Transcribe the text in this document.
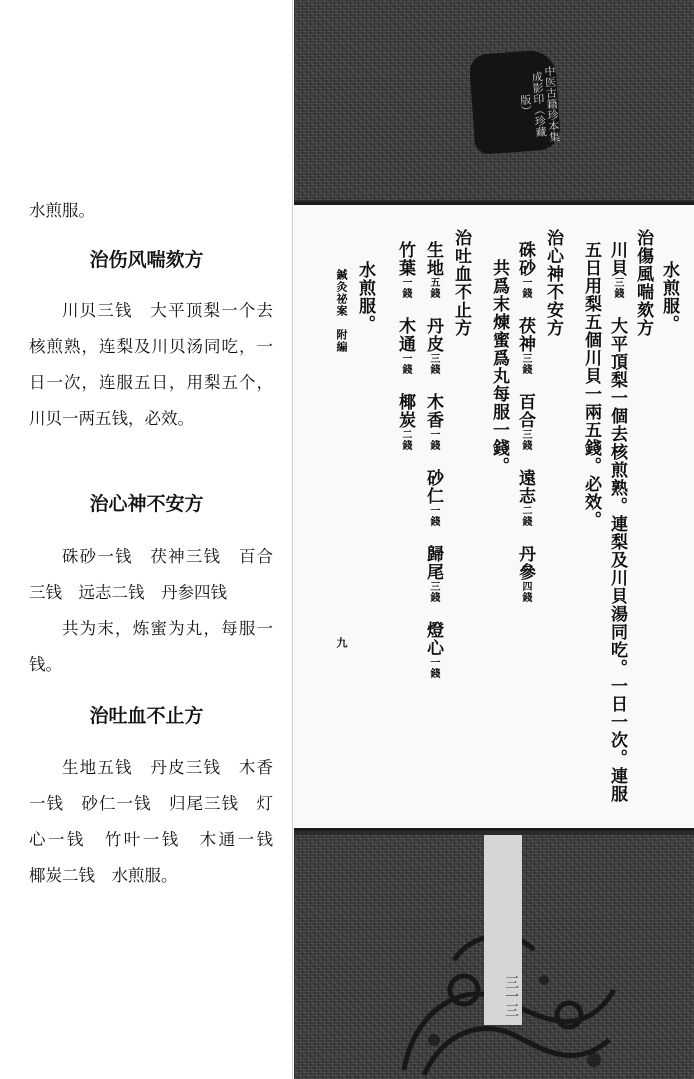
水煎服。

治伤风喘欬方

川贝三钱　大平顶梨一个去核煎熟，连梨及川贝汤同吃，一日一次，连服五日，用梨五个，川贝一两五钱，必效。

治心神不安方

硃砂一钱　茯神三钱　百合三钱　远志二钱　丹参四钱

共为末，炼蜜为丸，每服一钱。

治吐血不止方

生地五钱　丹皮三钱　木香一钱　砂仁一钱　归尾三钱　灯心一钱　竹叶一钱　木通一钱　椰炭二钱　水煎服。

中医古籍珍本集成影印（珍藏版）

水煎服。

治傷風喘欬方

川貝三錢　大平頂梨一個去核煎熟。連梨及川貝湯同吃。一日一次。連服

五日用梨五個川貝一兩五錢。必效。

治心神不安方

硃砂一錢　茯神三錢　百合三錢　遠志二錢　丹參四錢

共爲末煉蜜爲丸每服一錢。

治吐血不止方

生地五錢　丹皮三錢　木香一錢　砂仁一錢　歸尾三錢　燈心一錢

竹葉一錢　木通一錢　椰炭二錢

水煎服。

鍼灸祕案　附編

九

三一三
